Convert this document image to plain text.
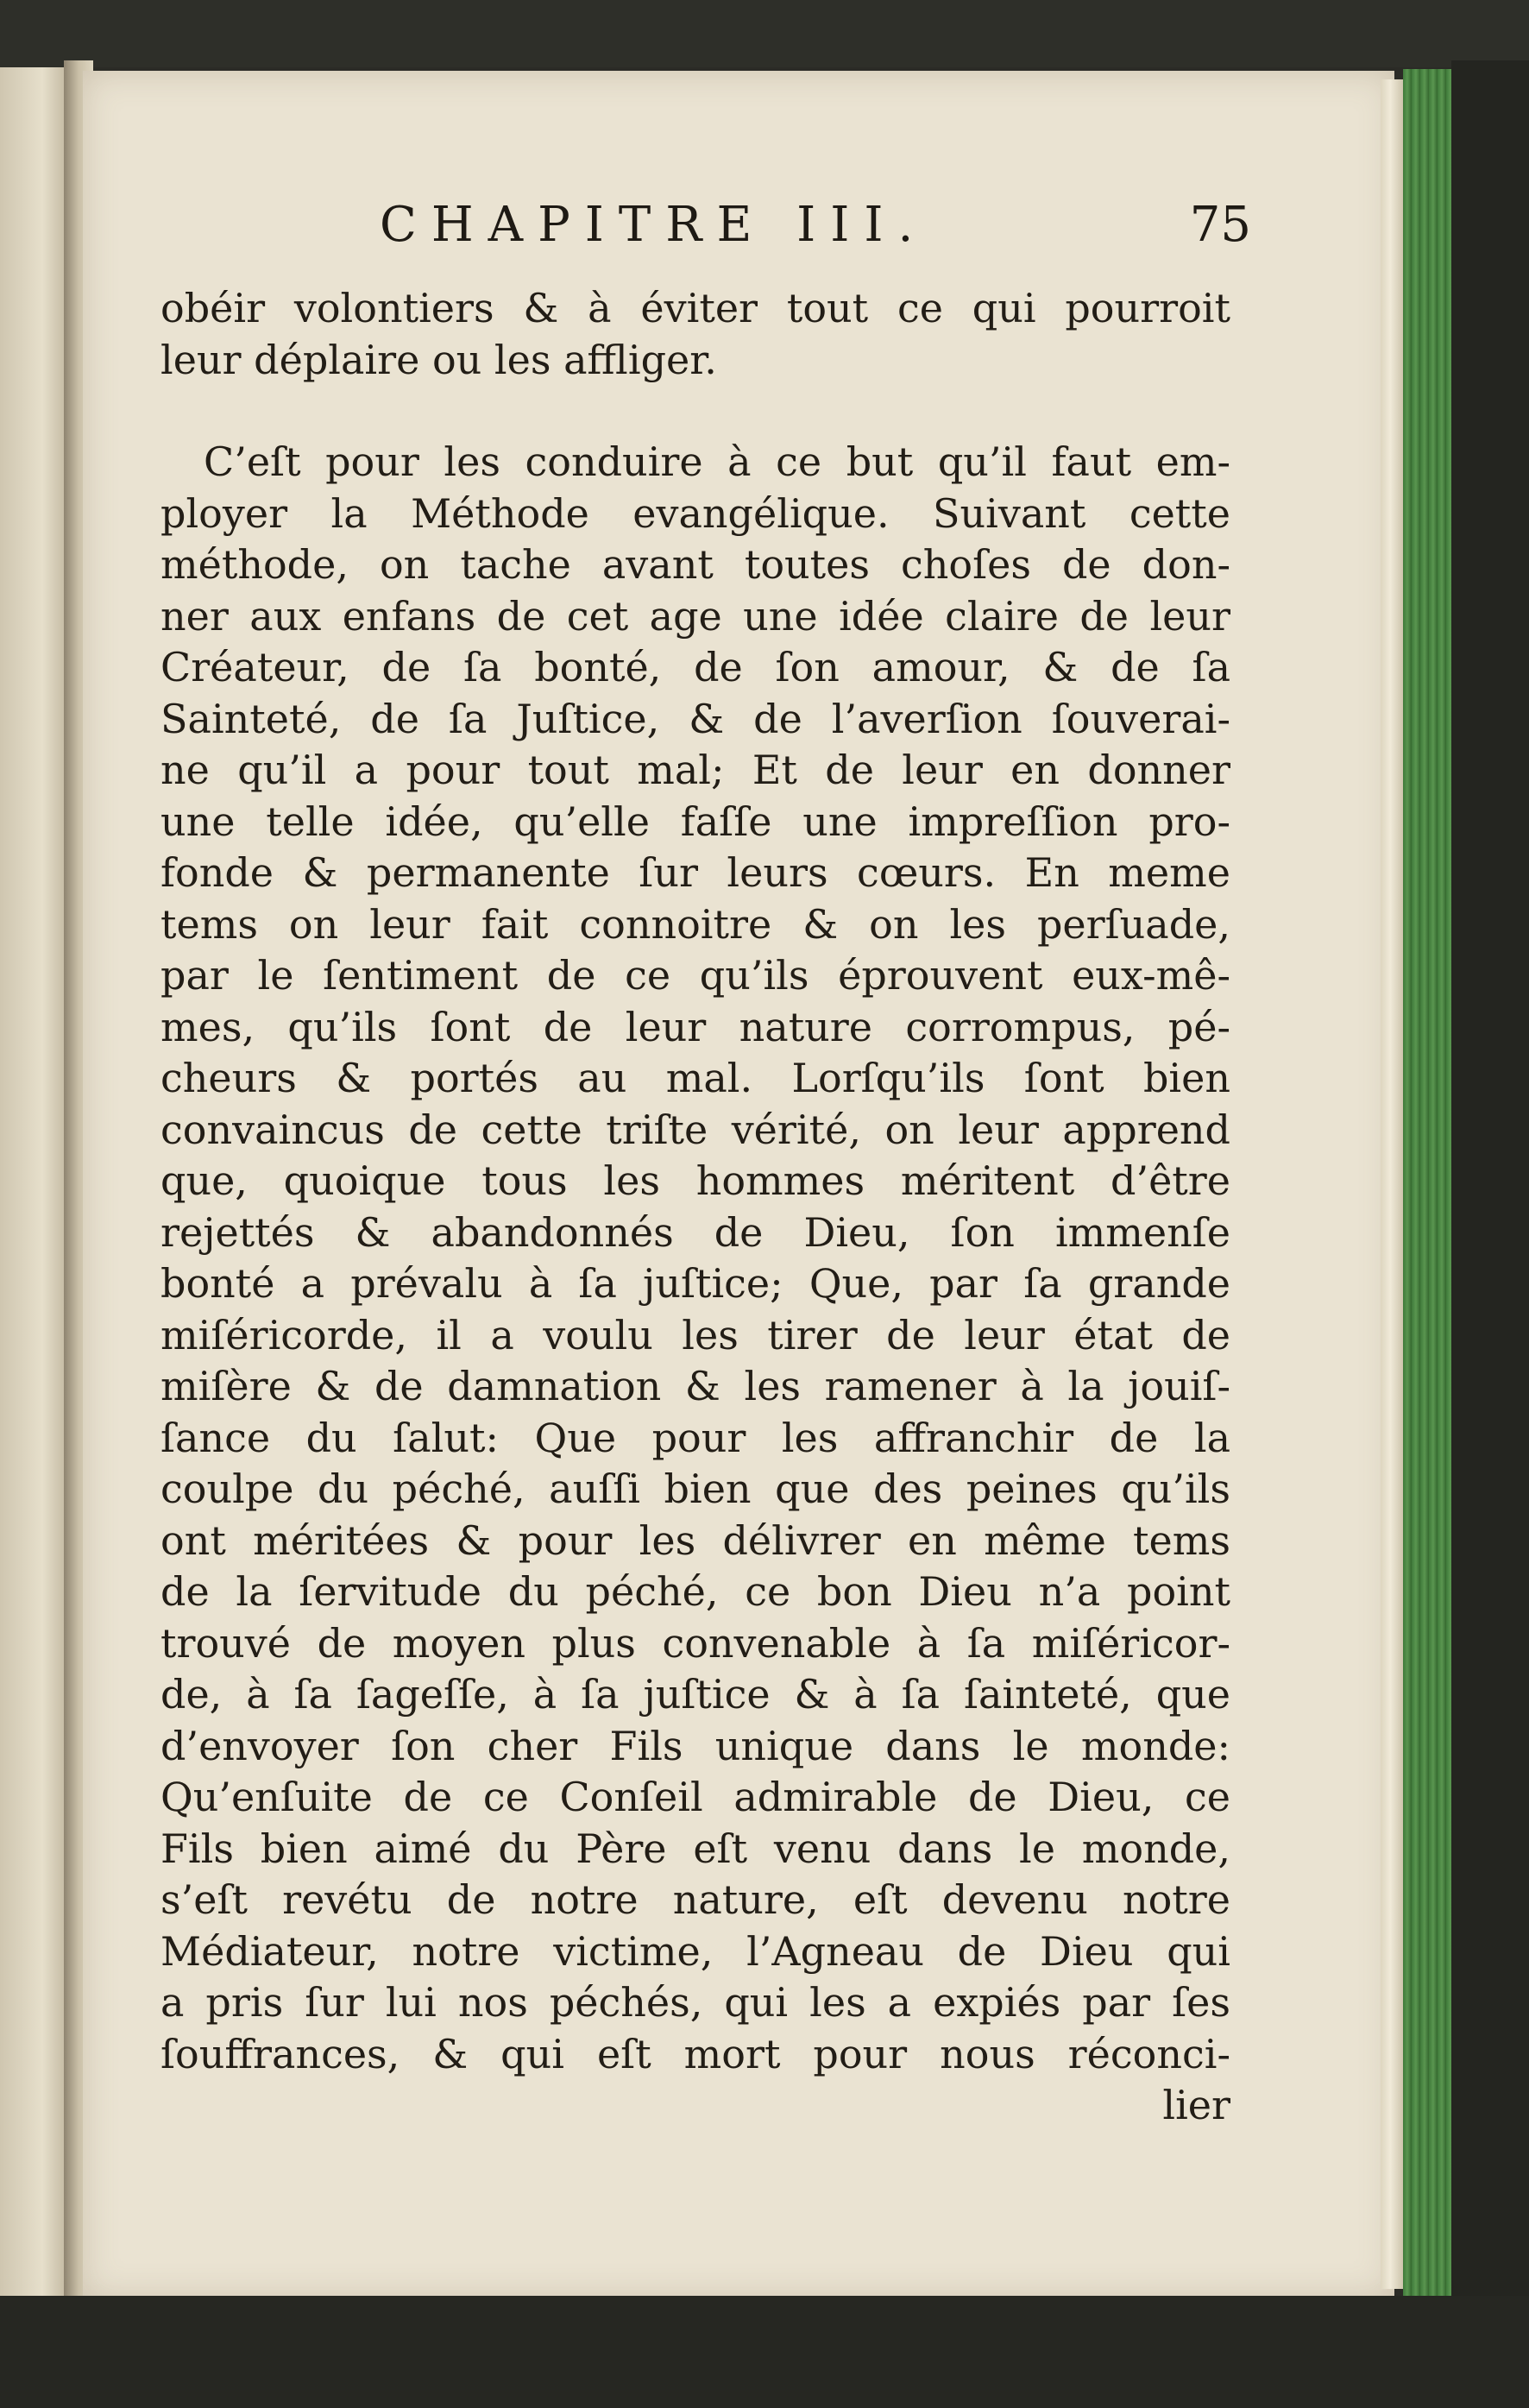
CHAPITRE III.	75
obéir volontiers & à éviter tout ce qui pourroit
leur déplaire ou les affliger.
C’eſt pour les conduire à ce but qu’il faut em-
ployer la Méthode evangélique. Suivant cette
méthode, on tache avant toutes choſes de don-
ner aux enfans de cet age une idée claire de leur
Créateur, de ſa bonté, de ſon amour, & de ſa
Sainteté, de ſa Juſtice, & de l’averſion ſouverai-
ne qu’il a pour tout mal; Et de leur en donner
une telle idée, qu’elle faſſe une impreſſion pro-
fonde & permanente ſur leurs cœurs. En meme
tems on leur fait connoitre & on les perſuade,
par le ſentiment de ce qu’ils éprouvent eux-mê-
mes, qu’ils ſont de leur nature corrompus, pé-
cheurs & portés au mal. Lorſqu’ils ſont bien
convaincus de cette triſte vérité, on leur apprend
que, quoique tous les hommes méritent d’être
rejettés & abandonnés de Dieu, ſon immenſe
bonté a prévalu à ſa juſtice; Que, par ſa grande
miſéricorde, il a voulu les tirer de leur état de
miſère & de damnation & les ramener à la jouiſ-
ſance du ſalut: Que pour les affranchir de la
coulpe du péché, auſſi bien que des peines qu’ils
ont méritées & pour les délivrer en même tems
de la ſervitude du péché, ce bon Dieu n’a point
trouvé de moyen plus convenable à ſa miſéricor-
de, à ſa ſageſſe, à ſa juſtice & à ſa ſainteté, que
d’envoyer ſon cher Fils unique dans le monde:
Qu’enſuite de ce Conſeil admirable de Dieu, ce
Fils bien aimé du Père eſt venu dans le monde,
s’eſt revétu de notre nature, eſt devenu notre
Médiateur, notre victime, l’Agneau de Dieu qui
a pris ſur lui nos péchés, qui les a expiés par ſes
ſouffrances, & qui eſt mort pour nous réconci-
lier
